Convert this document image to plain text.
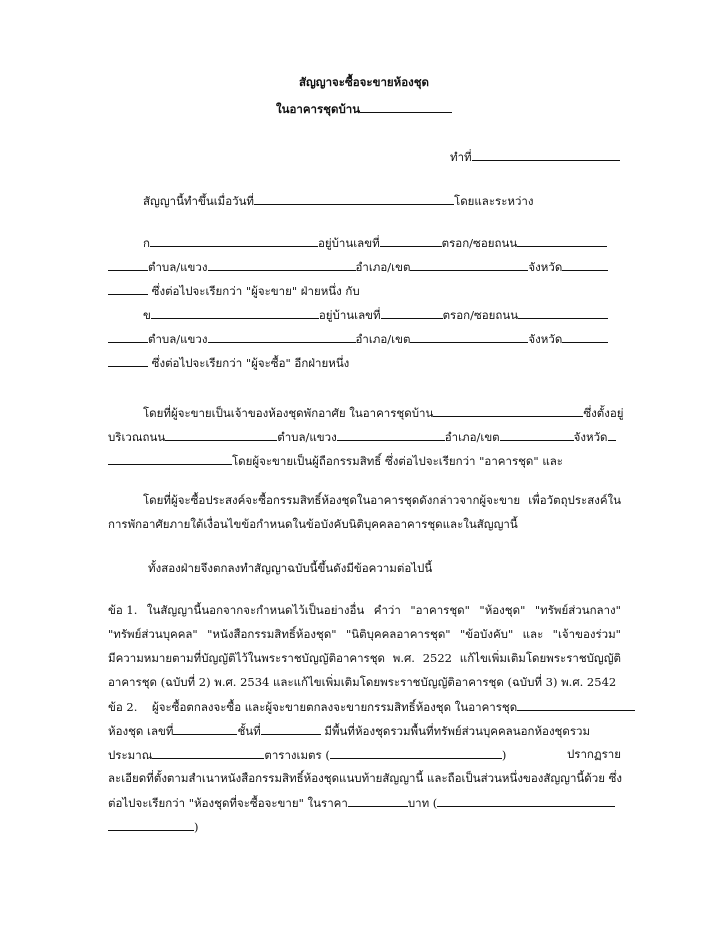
สัญญาจะซื้อจะขายห้องชุด
ในอาคารชุดบ้าน
ทำที่
สัญญานี้ทำขึ้นเมื่อวันที่	โดยและระหว่าง
ก	อยู่บ้านเลขที่	ตรอก/ซอยถนน
ตำบล/แขวง	อำเภอ/เขต	จังหวัด
ซึ่งต่อไปจะเรียกว่า "ผู้จะขาย" ฝ่ายหนึ่ง กับ
ข	อยู่บ้านเลขที่	ตรอก/ซอยถนน
ตำบล/แขวง	อำเภอ/เขต	จังหวัด
ซึ่งต่อไปจะเรียกว่า "ผู้จะซื้อ" อีกฝ่ายหนึ่ง
โดยที่ผู้จะขายเป็นเจ้าของห้องชุดพักอาศัย ในอาคารชุดบ้าน	ซึ่งตั้งอยู่
บริเวณถนน	ตำบล/แขวง	อำเภอ/เขต	จังหวัด
โดยผู้จะขายเป็นผู้ถือกรรมสิทธิ์ ซึ่งต่อไปจะเรียกว่า "อาคารชุด" และ
โดยที่ผู้จะซื้อประสงค์จะซื้อกรรมสิทธิ์ห้องชุดในอาคารชุดดังกล่าวจากผู้จะขาย เพื่อวัตถุประสงค์ใน
การพักอาศัยภายใต้เงื่อนไขข้อกำหนดในข้อบังคับนิติบุคคลอาคารชุดและในสัญญานี้
ทั้งสองฝ่ายจึงตกลงทำสัญญาฉบับนี้ขึ้นดังมีข้อความต่อไปนี้
ข้อ 1. ในสัญญานี้นอกจากจะกำหนดไว้เป็นอย่างอื่น คำว่า "อาคารชุด" "ห้องชุด" "ทรัพย์ส่วนกลาง"
"ทรัพย์ส่วนบุคคล" "หนังสือกรรมสิทธิ์ห้องชุด" "นิติบุคคลอาคารชุด" "ข้อบังคับ" และ "เจ้าของร่วม"
มีความหมายตามที่บัญญัติไว้ในพระราชบัญญัติอาคารชุด พ.ศ. 2522 แก้ไขเพิ่มเติมโดยพระราชบัญญัติ
อาคารชุด (ฉบับที่ 2) พ.ศ. 2534 และแก้ไขเพิ่มเติมโดยพระราชบัญญัติอาคารชุด (ฉบับที่ 3) พ.ศ. 2542
ข้อ 2. ผู้จะซื้อตกลงจะซื้อ และผู้จะขายตกลงจะขายกรรมสิทธิ์ห้องชุด ในอาคารชุด
ห้องชุด เลขที่	ชั้นที่	มีพื้นที่ห้องชุดรวมพื้นที่ทรัพย์ส่วนบุคคลนอกห้องชุดรวม
ประมาณ	ตารางเมตร (	)	ปรากฏราย
ละเอียดที่ตั้งตามสำเนาหนังสือกรรมสิทธิ์ห้องชุดแนบท้ายสัญญานี้ และถือเป็นส่วนหนึ่งของสัญญานี้ด้วย ซึ่ง
ต่อไปจะเรียกว่า "ห้องชุดที่จะซื้อจะขาย" ในราคา	บาท (
)
